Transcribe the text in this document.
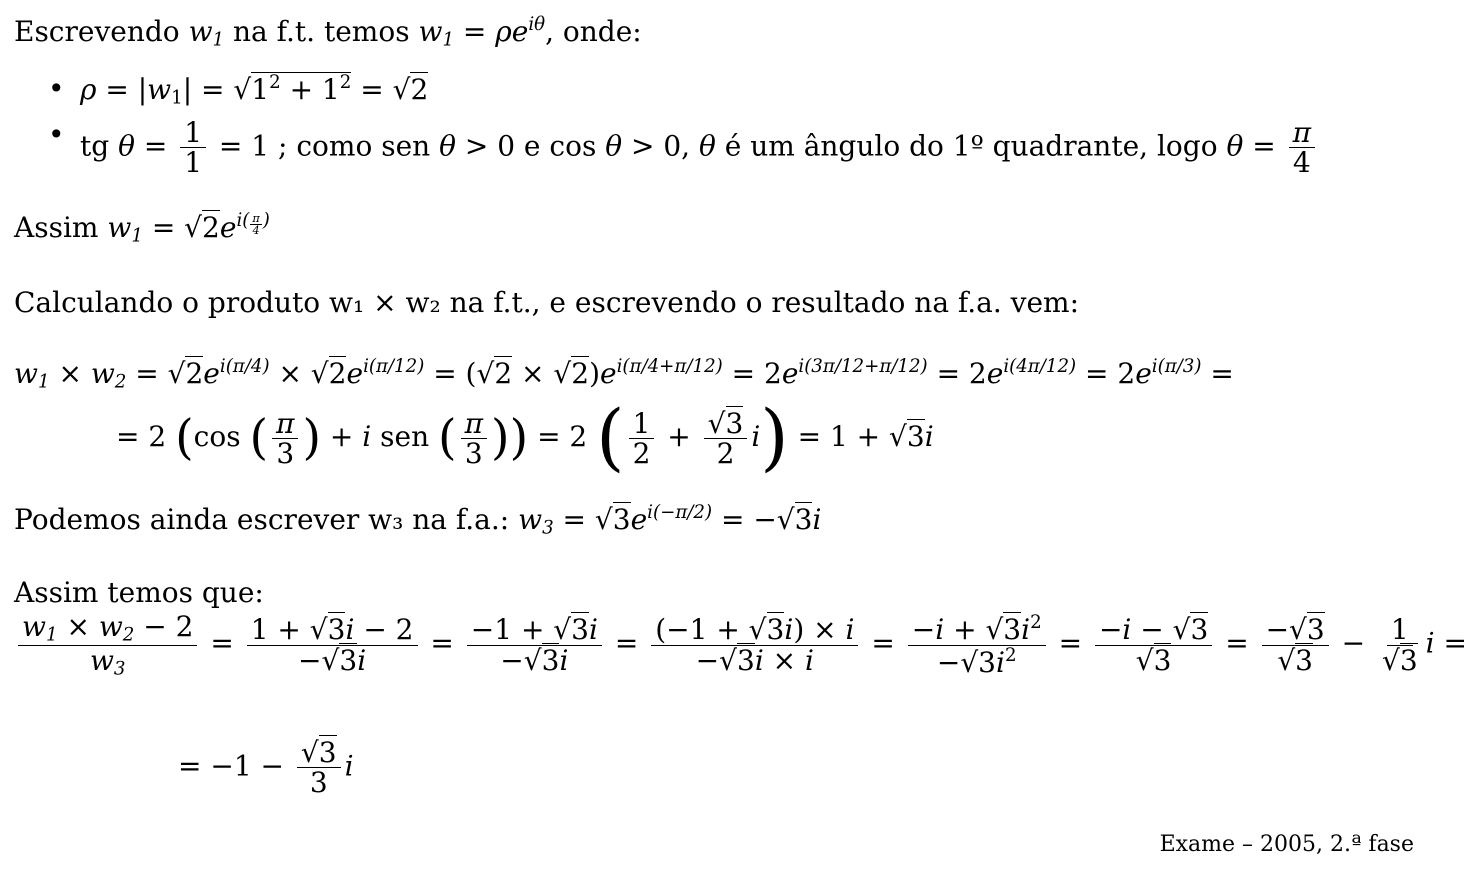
Escrevendo $w_1$ na f.t. temos $w_1 = \rho e^{i\theta}$, onde:
• $\rho = |w_1| = √1^2 + 1^2 = √2$
• tg $\theta = \frac{1}{1} = 1$ ; como sen θ > 0 e cos θ > 0, θ é um ângulo do 1º quadrante, logo $\theta = \frac{\pi}{4}$
Assim $w_1 = √2e^{i( \frac{\pi}{4} )}$
Calculando o produto w₁ × w₂ na f.t., e escrevendo o resultado na f.a. vem:
$w_1 \times w_2 = √2e^{i(\pi/4)} \times √2e^{i(\pi/12)} = (√2 \times √2)e^{i(\pi/4+\pi/12)} = 2e^{i(3\pi/12+\pi/12)} = 2e^{i(4\pi/12)} = 2e^{i(\pi/3)}$ =
= 2 (cos ( $\frac{\pi}{3}$ ) + i sen ( $\frac{\pi}{3}$ )) = 2 ( $\frac{1}{2} + \frac{√3}{2} i) = 1 + √3i$
Podemos ainda escrever w₃ na f.a.: $w_3 = √3e^{i(-\pi/2)} = -√3i$
Assim temos que:
$\frac{w_1 \times w_2 - 2}{w_3} = \frac{1 + √3i - 2}{-√3i} = \frac{-1 + √3i}{-√3i} = \frac{(-1 + √3i) \times i}{-√3i \times i} = \frac{-i + √3i^2}{-√3i^2} = \frac{-i - √3}{√3} = \frac{-√3}{√3} - \frac{1}{√3}$ i =
= $-1 - \frac{√3}{3}$ i
Exame – 2005, 2.ª fase
